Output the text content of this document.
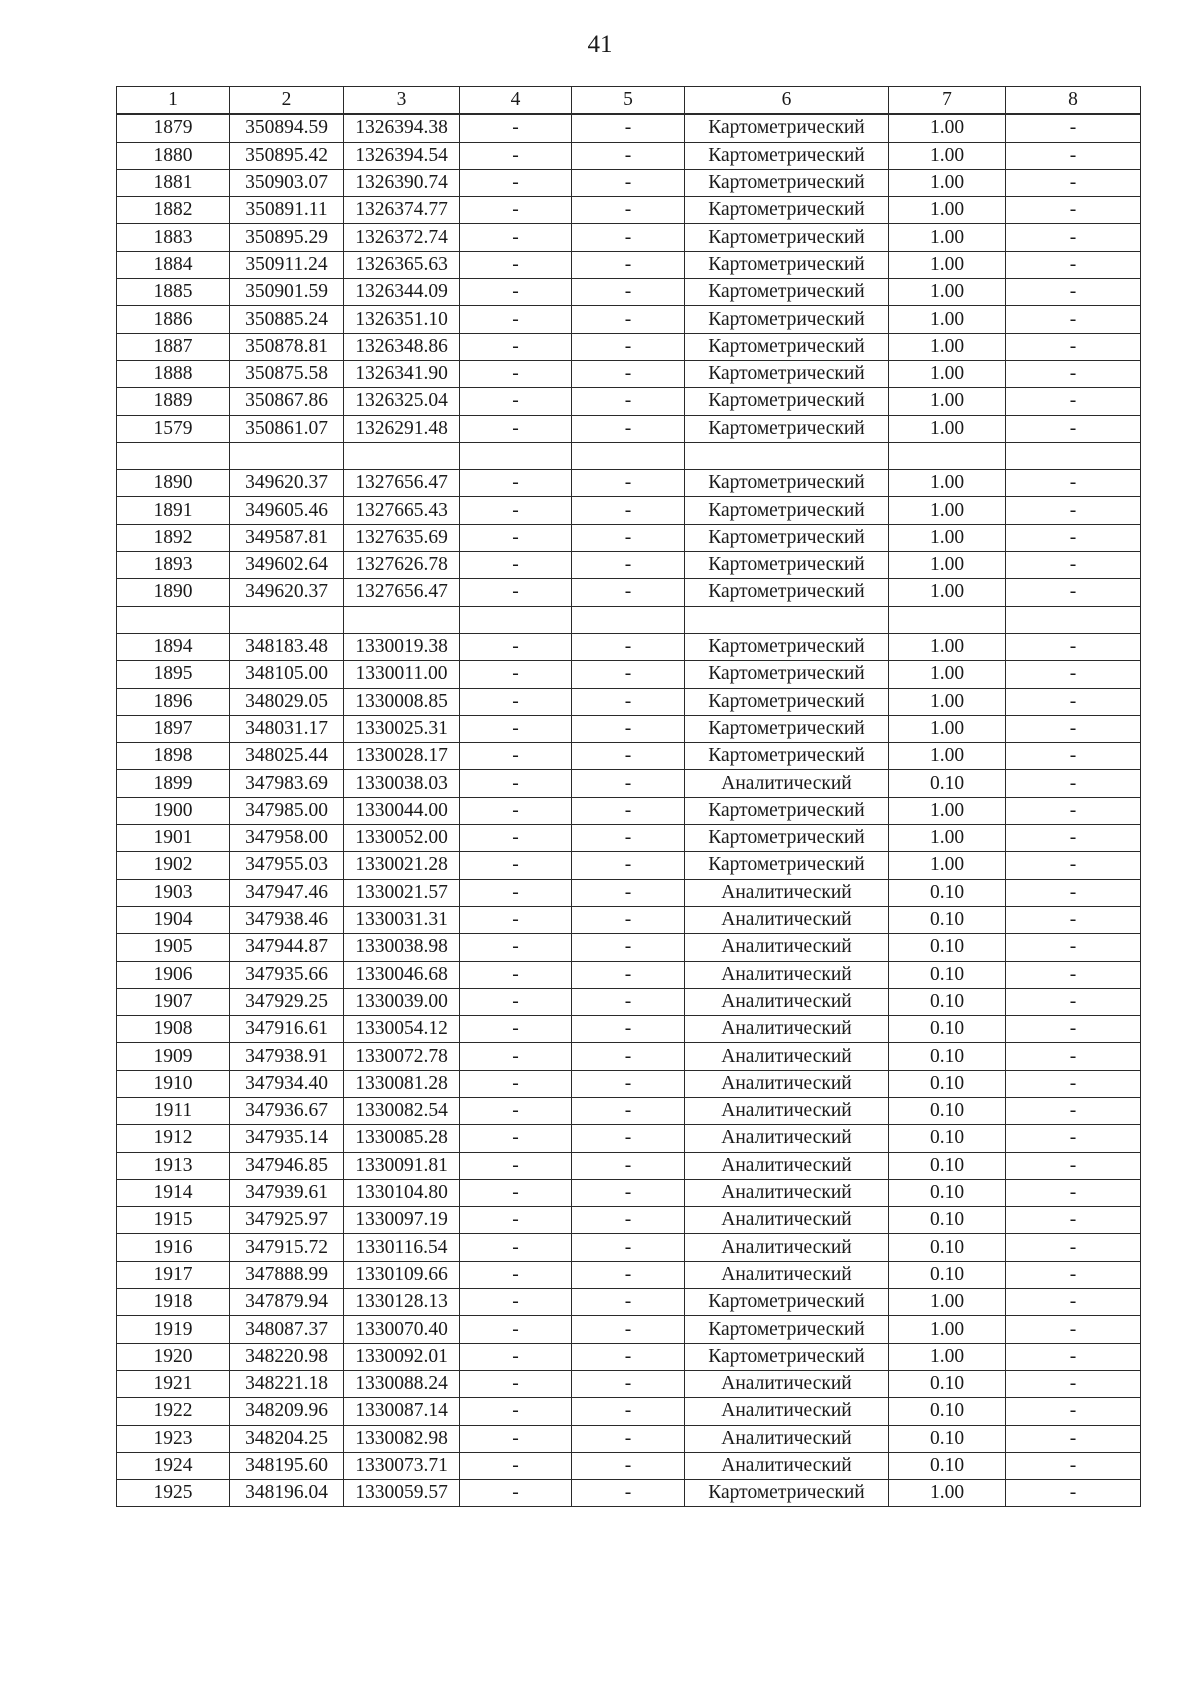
41
1	2	3	4	5	6	7	8
1879	350894.59	1326394.38	-	-	Картометрический	1.00	-
1880	350895.42	1326394.54	-	-	Картометрический	1.00	-
1881	350903.07	1326390.74	-	-	Картометрический	1.00	-
1882	350891.11	1326374.77	-	-	Картометрический	1.00	-
1883	350895.29	1326372.74	-	-	Картометрический	1.00	-
1884	350911.24	1326365.63	-	-	Картометрический	1.00	-
1885	350901.59	1326344.09	-	-	Картометрический	1.00	-
1886	350885.24	1326351.10	-	-	Картометрический	1.00	-
1887	350878.81	1326348.86	-	-	Картометрический	1.00	-
1888	350875.58	1326341.90	-	-	Картометрический	1.00	-
1889	350867.86	1326325.04	-	-	Картометрический	1.00	-
1579	350861.07	1326291.48	-	-	Картометрический	1.00	-

1890	349620.37	1327656.47	-	-	Картометрический	1.00	-
1891	349605.46	1327665.43	-	-	Картометрический	1.00	-
1892	349587.81	1327635.69	-	-	Картометрический	1.00	-
1893	349602.64	1327626.78	-	-	Картометрический	1.00	-
1890	349620.37	1327656.47	-	-	Картометрический	1.00	-

1894	348183.48	1330019.38	-	-	Картометрический	1.00	-
1895	348105.00	1330011.00	-	-	Картометрический	1.00	-
1896	348029.05	1330008.85	-	-	Картометрический	1.00	-
1897	348031.17	1330025.31	-	-	Картометрический	1.00	-
1898	348025.44	1330028.17	-	-	Картометрический	1.00	-
1899	347983.69	1330038.03	-	-	Аналитический	0.10	-
1900	347985.00	1330044.00	-	-	Картометрический	1.00	-
1901	347958.00	1330052.00	-	-	Картометрический	1.00	-
1902	347955.03	1330021.28	-	-	Картометрический	1.00	-
1903	347947.46	1330021.57	-	-	Аналитический	0.10	-
1904	347938.46	1330031.31	-	-	Аналитический	0.10	-
1905	347944.87	1330038.98	-	-	Аналитический	0.10	-
1906	347935.66	1330046.68	-	-	Аналитический	0.10	-
1907	347929.25	1330039.00	-	-	Аналитический	0.10	-
1908	347916.61	1330054.12	-	-	Аналитический	0.10	-
1909	347938.91	1330072.78	-	-	Аналитический	0.10	-
1910	347934.40	1330081.28	-	-	Аналитический	0.10	-
1911	347936.67	1330082.54	-	-	Аналитический	0.10	-
1912	347935.14	1330085.28	-	-	Аналитический	0.10	-
1913	347946.85	1330091.81	-	-	Аналитический	0.10	-
1914	347939.61	1330104.80	-	-	Аналитический	0.10	-
1915	347925.97	1330097.19	-	-	Аналитический	0.10	-
1916	347915.72	1330116.54	-	-	Аналитический	0.10	-
1917	347888.99	1330109.66	-	-	Аналитический	0.10	-
1918	347879.94	1330128.13	-	-	Картометрический	1.00	-
1919	348087.37	1330070.40	-	-	Картометрический	1.00	-
1920	348220.98	1330092.01	-	-	Картометрический	1.00	-
1921	348221.18	1330088.24	-	-	Аналитический	0.10	-
1922	348209.96	1330087.14	-	-	Аналитический	0.10	-
1923	348204.25	1330082.98	-	-	Аналитический	0.10	-
1924	348195.60	1330073.71	-	-	Аналитический	0.10	-
1925	348196.04	1330059.57	-	-	Картометрический	1.00	-
